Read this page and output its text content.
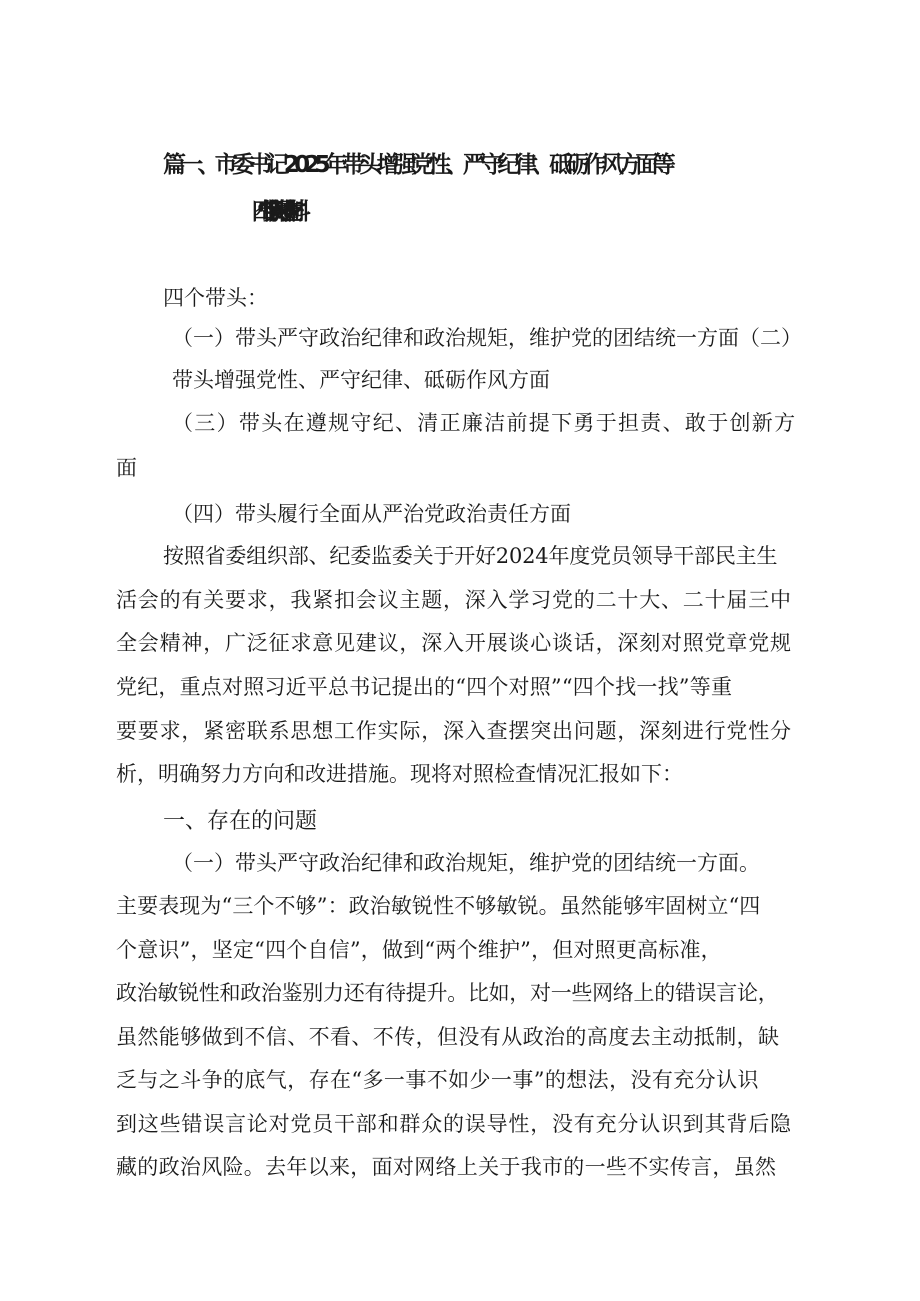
篇一、市委书记2025年带头增强党性、严守纪律、砥砺作风方面等
“四个带头”个人对照检查材料
四个带头：
（一）带头严守政治纪律和政治规矩，维护党的团结统一方面（二）
带头增强党性、严守纪律、砥砺作风方面
（三）带头在遵规守纪、清正廉洁前提下勇于担责、敢于创新方
面
（四）带头履行全面从严治党政治责任方面
按照省委组织部、纪委监委关于开好2024年度党员领导干部民主生
活会的有关要求，我紧扣会议主题，深入学习党的二十大、二十届三中
全会精神，广泛征求意见建议，深入开展谈心谈话，深刻对照党章党规
党纪，重点对照习近平总书记提出的“四个对照”“四个找一找”等重
要要求，紧密联系思想工作实际，深入查摆突出问题，深刻进行党性分
析，明确努力方向和改进措施。现将对照检查情况汇报如下：
一、存在的问题
（一）带头严守政治纪律和政治规矩，维护党的团结统一方面。
主要表现为“三个不够”：政治敏锐性不够敏锐。虽然能够牢固树立“四
个意识”，坚定“四个自信”，做到“两个维护”，但对照更高标准，
政治敏锐性和政治鉴别力还有待提升。比如，对一些网络上的错误言论，
虽然能够做到不信、不看、不传，但没有从政治的高度去主动抵制，缺
乏与之斗争的底气，存在“多一事不如少一事”的想法，没有充分认识
到这些错误言论对党员干部和群众的误导性，没有充分认识到其背后隐
藏的政治风险。去年以来，面对网络上关于我市的一些不实传言，虽然
